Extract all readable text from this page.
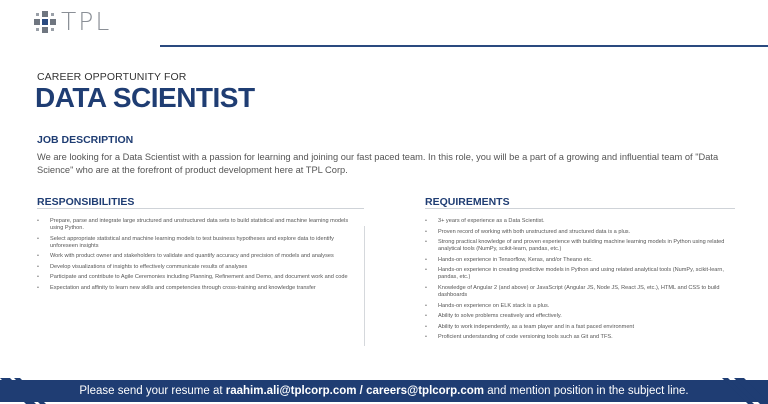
TPL
CAREER OPPORTUNITY FOR
DATA SCIENTIST
JOB DESCRIPTION
We are looking for a Data Scientist with a passion for learning and joining our fast paced team. In this role, you will be a part of a growing and influential team of "Data Science" who are at the forefront of product development here at TPL Corp.
RESPONSIBILITIES
• Prepare, parse and integrate large structured and unstructured data sets to build statistical and machine learning models using Python.
• Select appropriate statistical and machine learning models to test business hypotheses and explore data to identify unforeseen insights
• Work with product owner and stakeholders to validate and quantify accuracy and precision of models and analyses
• Develop visualizations of insights to effectively communicate results of analyses
• Participate and contribute to Agile Ceremonies including Planning, Refinement and Demo, and document work and code
• Expectation and affinity to learn new skills and competencies through cross-training and knowledge transfer
REQUIREMENTS
• 3+ years of experience as a Data Scientist.
• Proven record of working with both unstructured and structured data is a plus.
• Strong practical knowledge of and proven experience with building machine learning models in Python using related analytical tools (NumPy, scikit-learn, pandas, etc.)
• Hands-on experience in Tensorflow, Keras, and/or Theano etc.
• Hands-on experience in creating predictive models in Python and using related analytical tools (NumPy, scikit-learn, pandas, etc.)
• Knowledge of Angular 2 (and above) or JavaScript (Angular JS, Node JS, React JS, etc.), HTML and CSS to build dashboards
• Hands-on experience on ELK stack is a plus.
• Ability to solve problems creatively and effectively.
• Ability to work independently, as a team player and in a fast paced environment
• Proficient understanding of code versioning tools such as Git and TFS.
Please send your resume at raahim.ali@tplcorp.com / careers@tplcorp.com and mention position in the subject line.
